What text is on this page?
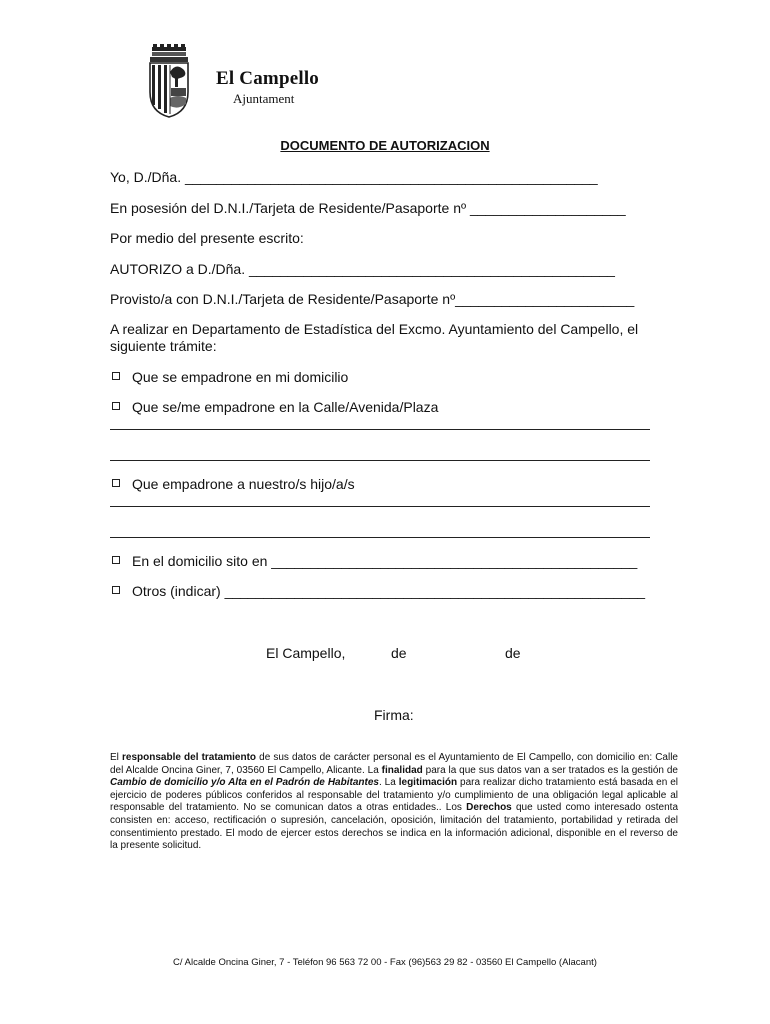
El Campello
Ajuntament
DOCUMENTO DE AUTORIZACION
Yo, D./Dña. _____________________________________________________
En posesión del D.N.I./Tarjeta de Residente/Pasaporte nº ____________________
Por medio del presente escrito:
AUTORIZO a D./Dña. _______________________________________________
Provisto/a con D.N.I./Tarjeta de Residente/Pasaporte nº_______________________
A realizar en Departamento de Estadística del Excmo. Ayuntamiento del Campello, el siguiente trámite:
Que se empadrone en mi domicilio
Que se/me empadrone en la Calle/Avenida/Plaza
Que empadrone a nuestro/s hijo/a/s
En el domicilio sito en _______________________________________________
Otros (indicar) ______________________________________________________
El Campello,	de	de
Firma:
El responsable del tratamiento de sus datos de carácter personal es el Ayuntamiento de El Campello, con domicilio en: Calle del Alcalde Oncina Giner, 7, 03560 El Campello, Alicante. La finalidad para la que sus datos van a ser tratados es la gestión de Cambio de domicilio y/o Alta en el Padrón de Habitantes. La legitimación para realizar dicho tratamiento está basada en el ejercicio de poderes públicos conferidos al responsable del tratamiento y/o cumplimiento de una obligación legal aplicable al responsable del tratamiento. No se comunican datos a otras entidades.. Los Derechos que usted como interesado ostenta consisten en: acceso, rectificación o supresión, cancelación, oposición, limitación del tratamiento, portabilidad y retirada del consentimiento prestado. El modo de ejercer estos derechos se indica en la información adicional, disponible en el reverso de la presente solicitud.
C/ Alcalde Oncina Giner, 7 - Teléfon 96 563 72 00 - Fax (96)563 29 82 - 03560 El Campello (Alacant)
